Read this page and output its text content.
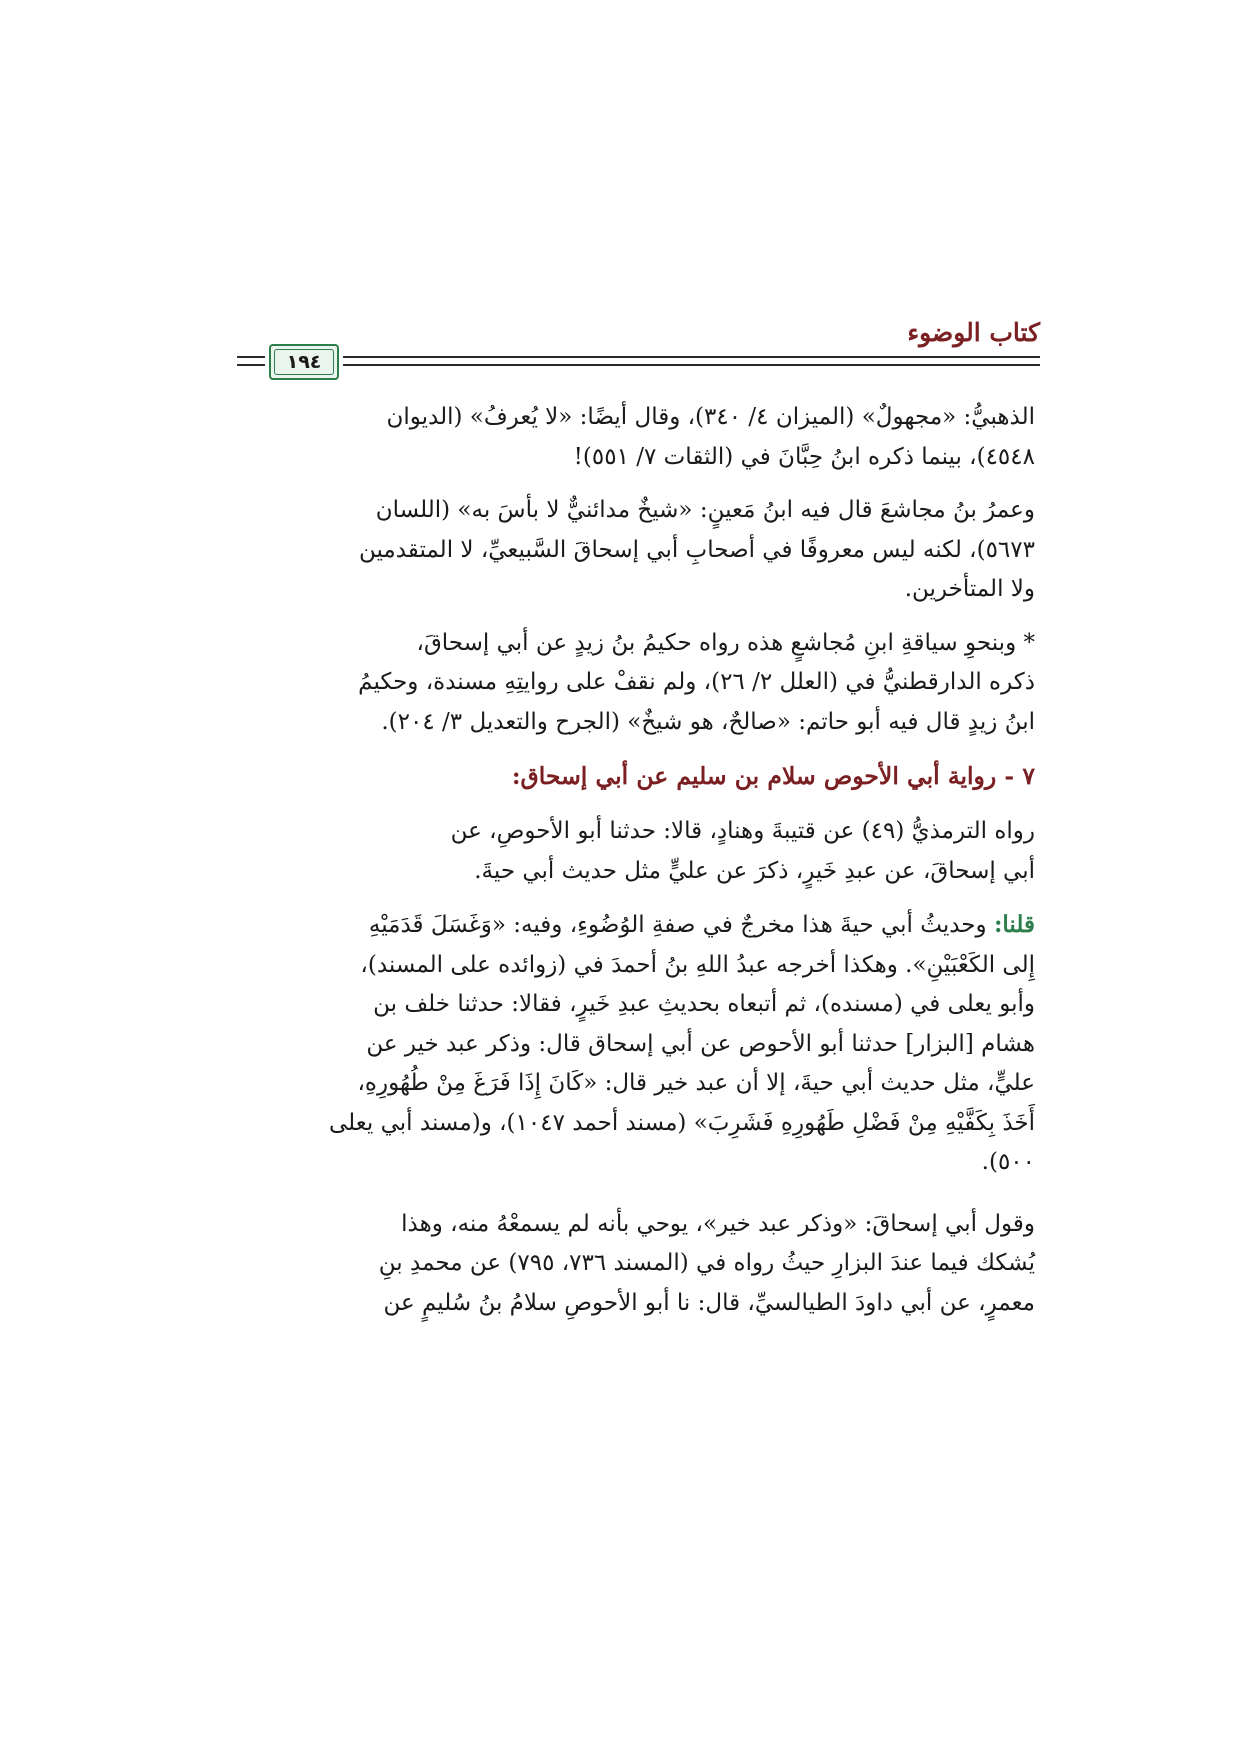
كتاب الوضوء
١٩٤

الذهبيُّ: «مجهولٌ» (الميزان ٤/ ٣٤٠)، وقال أيضًا: «لا يُعرفُ» (الديوان

٤٥٤٨)، بينما ذكره ابنُ حِبَّانَ في (الثقات ٧/ ٥٥١)!

وعمرُ بنُ مجاشعَ قال فيه ابنُ مَعينٍ: «شيخٌ مدائنيٌّ لا بأسَ به» (اللسان

٥٦٧٣)، لكنه ليس معروفًا في أصحابِ أبي إسحاقَ السَّبيعيِّ، لا المتقدمين

ولا المتأخرين.

* وبنحوِ سياقةِ ابنِ مُجاشعٍ هذه رواه حكيمُ بنُ زيدٍ عن أبي إسحاقَ،

ذكره الدارقطنيُّ في (العلل ٢/ ٢٦)، ولم نقفْ على روايتِهِ مسندة، وحكيمُ

ابنُ زيدٍ قال فيه أبو حاتم: «صالحٌ، هو شيخٌ» (الجرح والتعديل ٣/ ٢٠٤).

٧ - رواية أبي الأحوص سلام بن سليم عن أبي إسحاق:

رواه الترمذيُّ (٤٩) عن قتيبةَ وهنادٍ، قالا: حدثنا أبو الأحوصِ، عن

أبي إسحاقَ، عن عبدِ خَيرٍ، ذكرَ عن عليٍّ مثل حديث أبي حيةَ.

قلنا: وحديثُ أبي حيةَ هذا مخرجٌ في صفةِ الوُضُوءِ، وفيه: «وَغَسَلَ قَدَمَيْهِ

إِلى الكَعْبَيْنِ». وهكذا أخرجه عبدُ اللهِ بنُ أحمدَ في (زوائده على المسند)،

وأبو يعلى في (مسنده)، ثم أتبعاه بحديثِ عبدِ خَيرٍ، فقالا: حدثنا خلف بن

هشام [البزار] حدثنا أبو الأحوص عن أبي إسحاق قال: وذكر عبد خير عن

عليٍّ، مثل حديث أبي حيةَ، إلا أن عبد خير قال: «كَانَ إِذَا فَرَغَ مِنْ طُهُورِهِ،

أَخَذَ بِكَفَّيْهِ مِنْ فَضْلِ طَهُورِهِ فَشَرِبَ» (مسند أحمد ١٠٤٧)، و(مسند أبي يعلى

٥٠٠).

وقول أبي إسحاقَ: «وذكر عبد خير»، يوحي بأنه لم يسمعْهُ منه، وهذا

يُشكك فيما عندَ البزارِ حيثُ رواه في (المسند ٧٣٦، ٧٩٥) عن محمدِ بنِ

معمرٍ، عن أبي داودَ الطيالسيِّ، قال: نا أبو الأحوصِ سلامُ بنُ سُليمٍ عن
